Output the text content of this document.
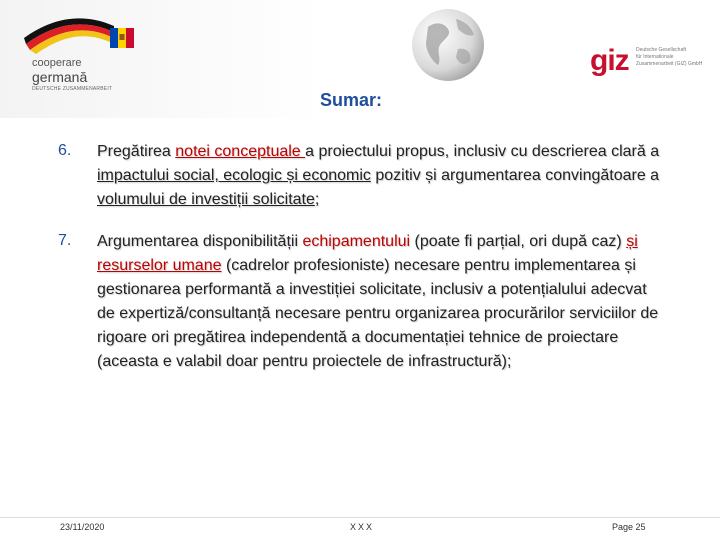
cooperare
germană
DEUTSCHE ZUSAMMENARBEIT
giz Deutsche Gesellschaft
für Internationale
Zusammenarbeit (GIZ) GmbH
Sumar:
6. Pregătirea notei conceptuale a proiectului propus, inclusiv cu descrierea clară a impactului social, ecologic și economic pozitiv și argumentarea convingătoare a volumului de investiții solicitate;
7. Argumentarea disponibilității echipamentului (poate fi parțial, ori după caz) și resurselor umane (cadrelor profesioniste) necesare pentru implementarea și gestionarea performantă a investiției solicitate, inclusiv a potențialului adecvat de expertiză/consultanță necesare pentru organizarea procurărilor serviciilor de rigoare ori pregătirea independentă a documentației tehnice de proiectare (aceasta e valabil doar pentru proiectele de infrastructură);
23/11/2020	XXX	Page 25
